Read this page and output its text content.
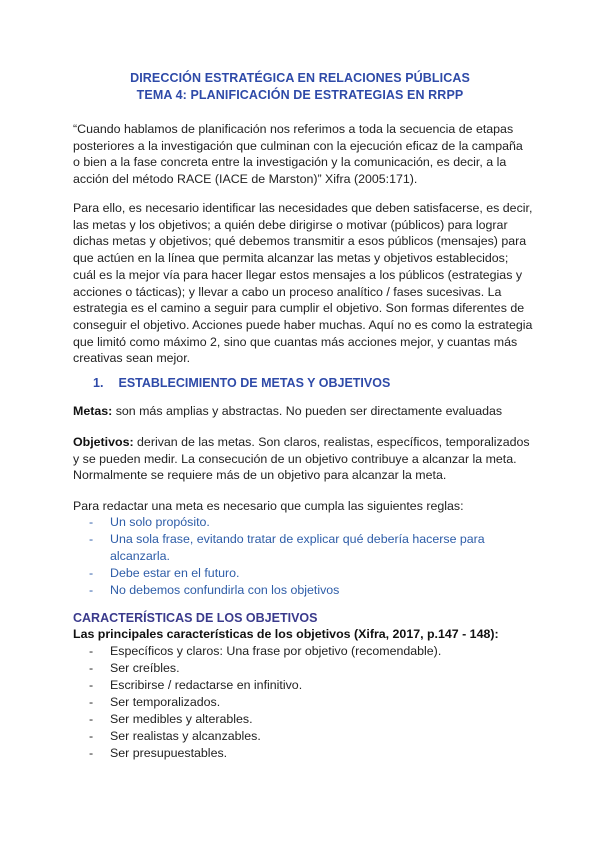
DIRECCIÓN ESTRATÉGICA EN RELACIONES PÚBLICAS
TEMA 4: PLANIFICACIÓN DE ESTRATEGIAS EN RRPP
“Cuando hablamos de planificación nos referimos a toda la secuencia de etapas posteriores a la investigación que culminan con la ejecución eficaz de la campaña o bien a la fase concreta entre la investigación y la comunicación, es decir, a la acción del método RACE (IACE de Marston)” Xifra (2005:171).
Para ello, es necesario identificar las necesidades que deben satisfacerse, es decir, las metas y los objetivos; a quién debe dirigirse o motivar (públicos) para lograr dichas metas y objetivos; qué debemos transmitir a esos públicos (mensajes) para que actúen en la línea que permita alcanzar las metas y objetivos establecidos; cuál es la mejor vía para hacer llegar estos mensajes a los públicos (estrategias y acciones o tácticas); y llevar a cabo un proceso analítico / fases sucesivas. La estrategia es el camino a seguir para cumplir el objetivo. Son formas diferentes de conseguir el objetivo. Acciones puede haber muchas. Aquí no es como la estrategia que limitó como máximo 2, sino que cuantas más acciones mejor, y cuantas más creativas sean mejor.
1. ESTABLECIMIENTO DE METAS Y OBJETIVOS
Metas: son más amplias y abstractas. No pueden ser directamente evaluadas
Objetivos: derivan de las metas. Son claros, realistas, específicos, temporalizados y se pueden medir. La consecución de un objetivo contribuye a alcanzar la meta. Normalmente se requiere más de un objetivo para alcanzar la meta.
Para redactar una meta es necesario que cumpla las siguientes reglas:
- Un solo propósito.
- Una sola frase, evitando tratar de explicar qué debería hacerse para alcanzarla.
- Debe estar en el futuro.
- No debemos confundirla con los objetivos
CARACTERÍSTICAS DE LOS OBJETIVOS
Las principales características de los objetivos (Xifra, 2017, p.147 - 148):
- Específicos y claros: Una frase por objetivo (recomendable).
- Ser creíbles.
- Escribirse / redactarse en infinitivo.
- Ser temporalizados.
- Ser medibles y alterables.
- Ser realistas y alcanzables.
- Ser presupuestables.
